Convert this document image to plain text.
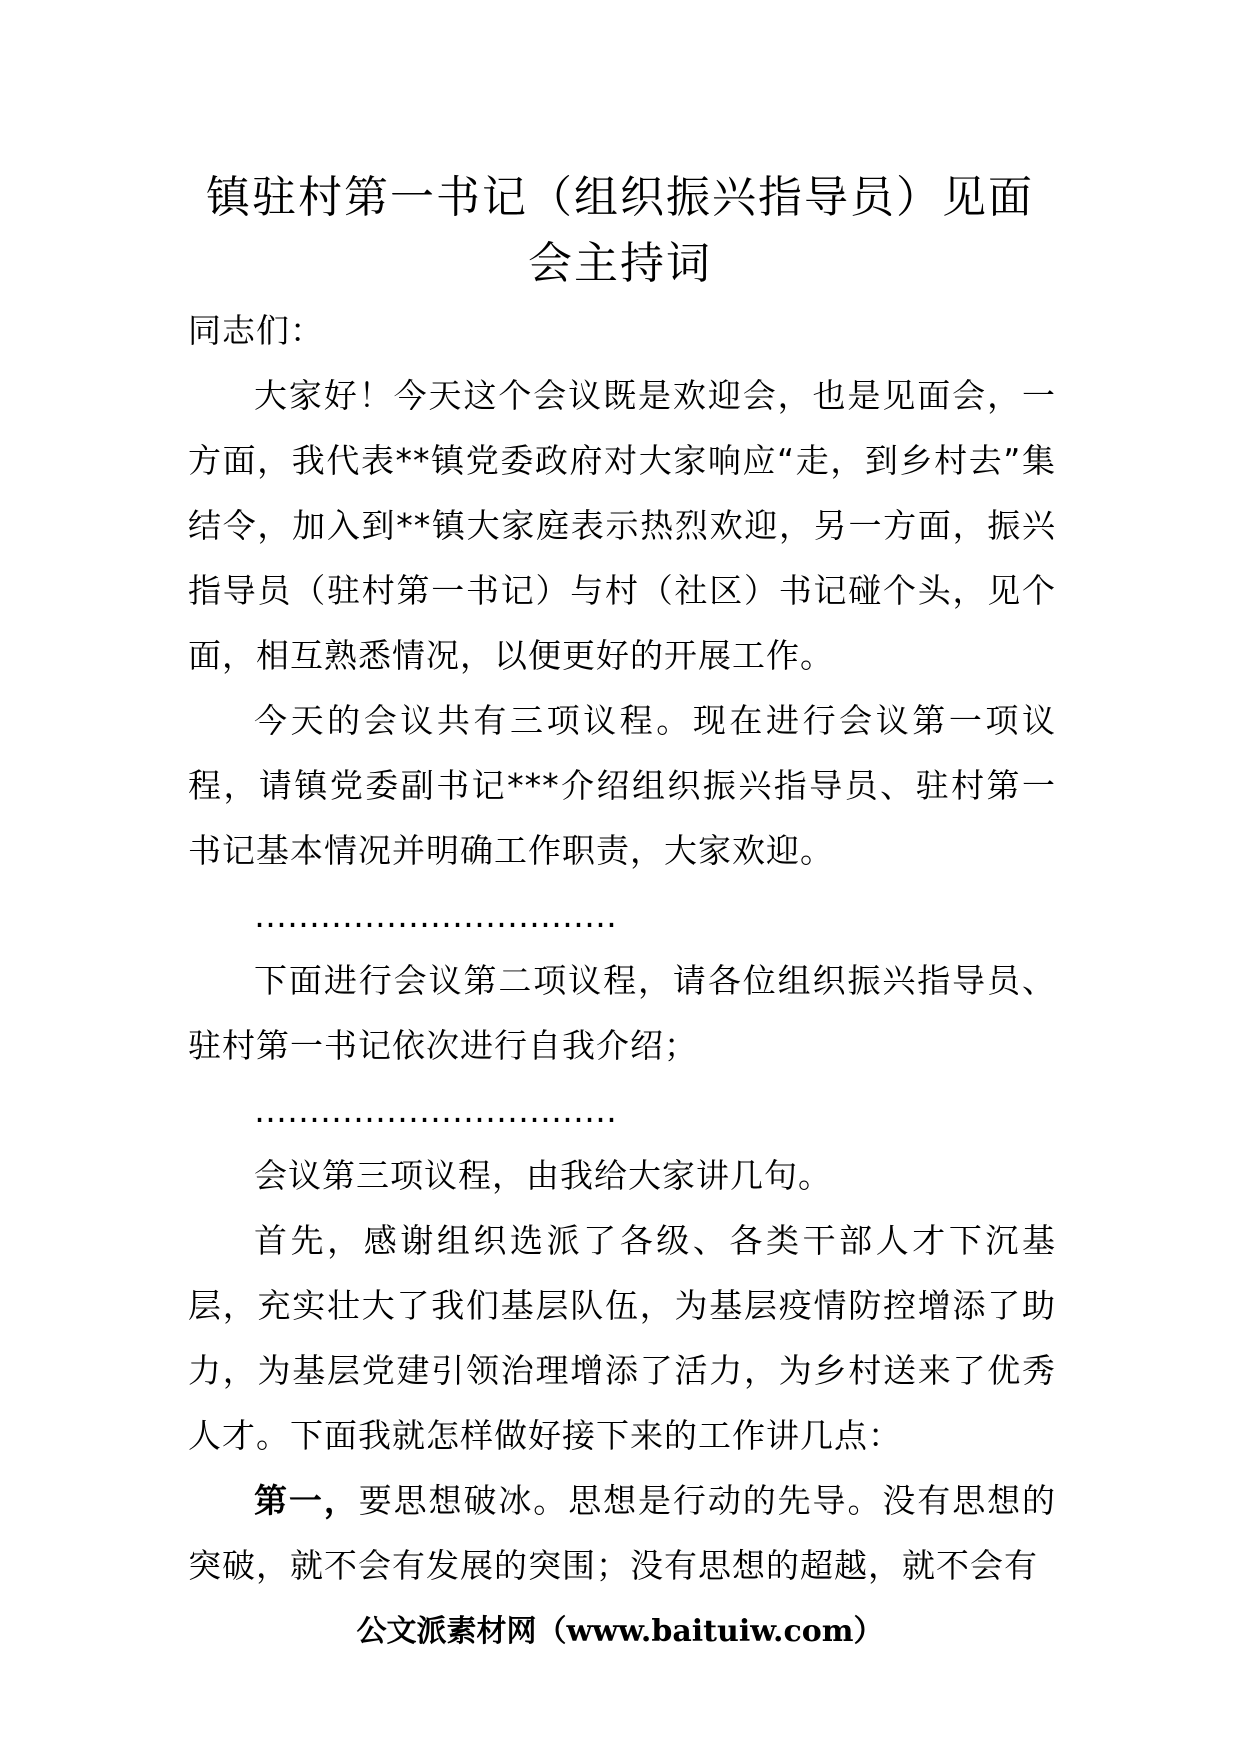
镇驻村第一书记（组织振兴指导员）见面
会主持词

同志们：

大家好！今天这个会议既是欢迎会，也是见面会，一方面，我代表**镇党委政府对大家响应“走，到乡村去”集结令，加入到**镇大家庭表示热烈欢迎，另一方面，振兴指导员（驻村第一书记）与村（社区）书记碰个头，见个面，相互熟悉情况，以便更好的开展工作。

今天的会议共有三项议程。现在进行会议第一项议程，请镇党委副书记***介绍组织振兴指导员、驻村第一书记基本情况并明确工作职责，大家欢迎。

……………………………

下面进行会议第二项议程，请各位组织振兴指导员、驻村第一书记依次进行自我介绍；

……………………………

会议第三项议程，由我给大家讲几句。

首先，感谢组织选派了各级、各类干部人才下沉基层，充实壮大了我们基层队伍，为基层疫情防控增添了助力，为基层党建引领治理增添了活力，为乡村送来了优秀人才。下面我就怎样做好接下来的工作讲几点：

第一，要思想破冰。思想是行动的先导。没有思想的突破，就不会有发展的突围；没有思想的超越，就不会有

公文派素材网（www.baituiw.com）
